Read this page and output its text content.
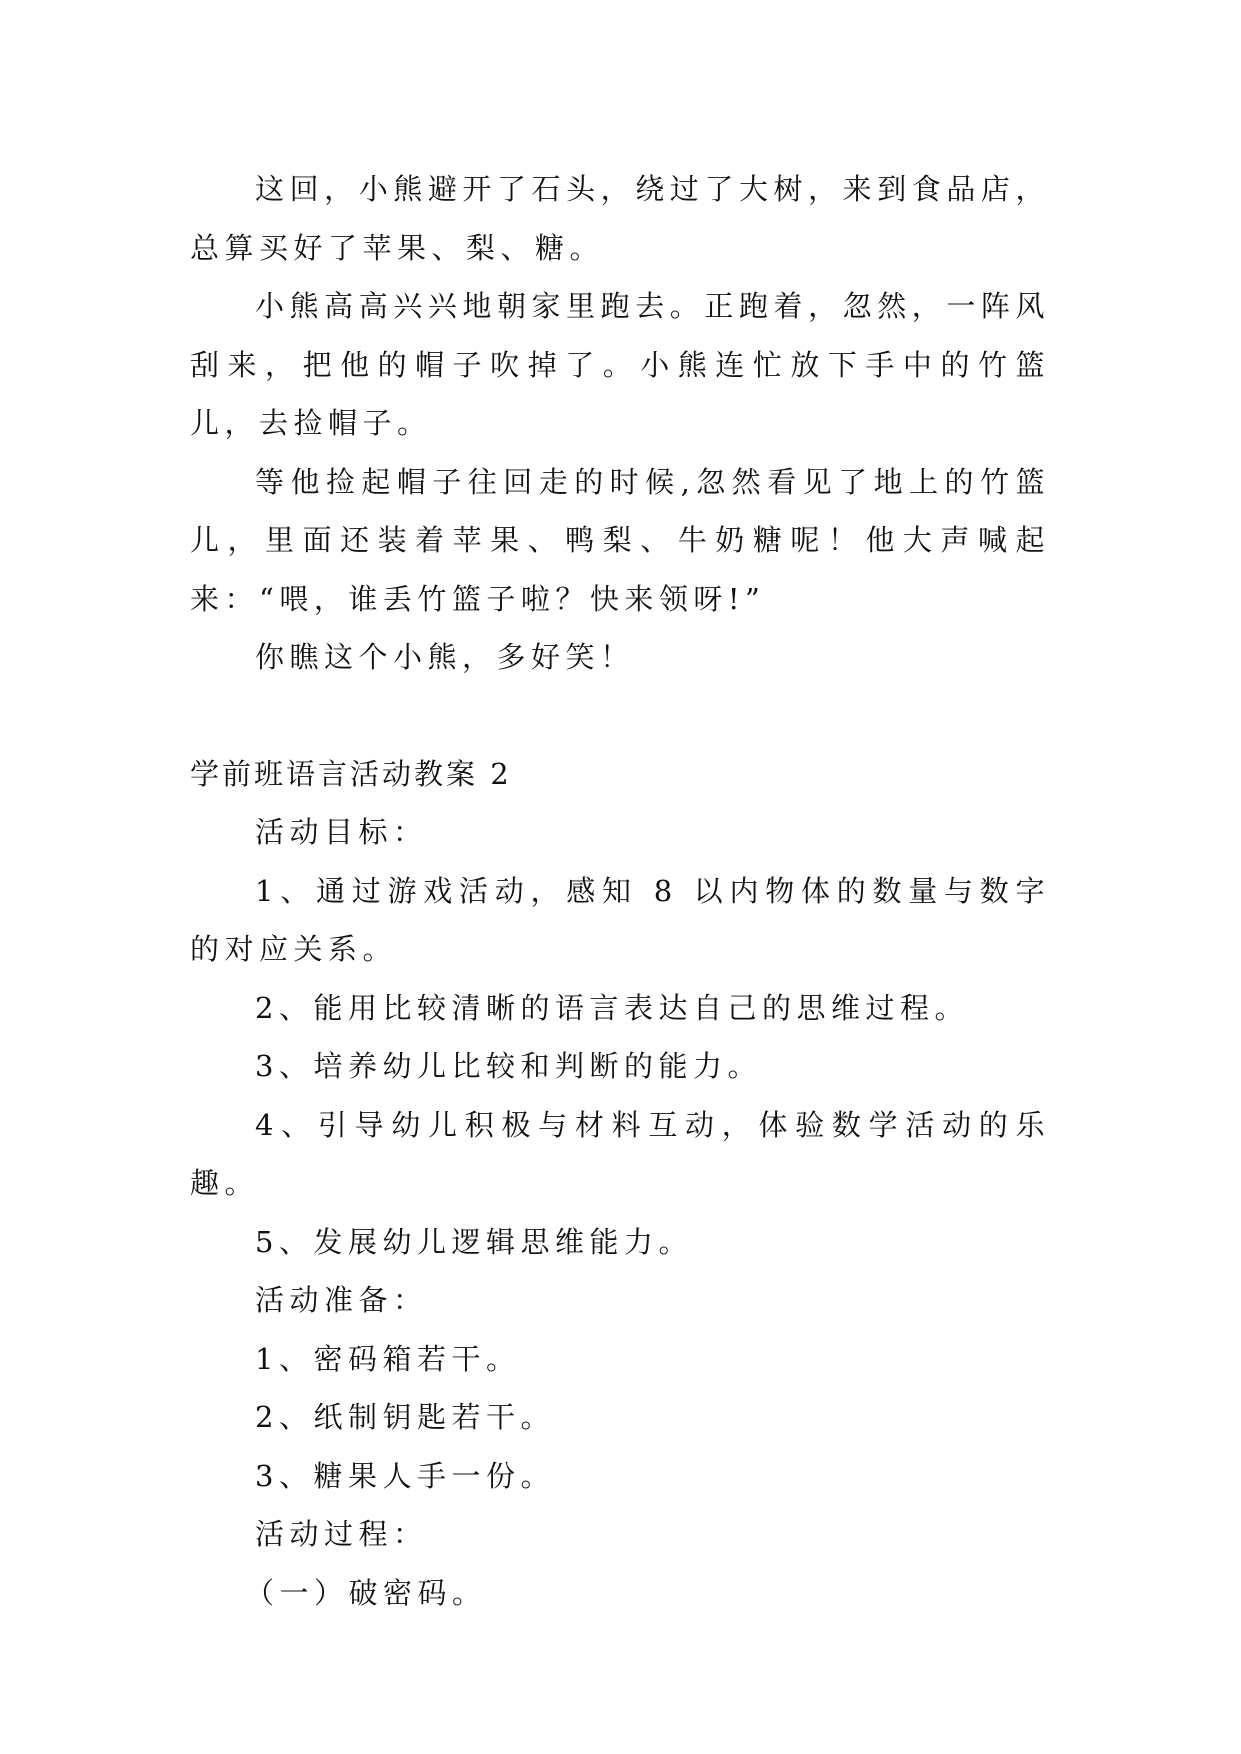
这回，小熊避开了石头，绕过了大树，来到食品店，总算买好了苹果、梨、糖。

小熊高高兴兴地朝家里跑去。正跑着，忽然，一阵风刮来，把他的帽子吹掉了。小熊连忙放下手中的竹篮儿，去捡帽子。

等他捡起帽子往回走的时候,忽然看见了地上的竹篮儿，里面还装着苹果、鸭梨、牛奶糖呢！他大声喊起来：“喂，谁丢竹篮子啦？快来领呀!”

你瞧这个小熊，多好笑！

学前班语言活动教案 2

活动目标：

1、通过游戏活动，感知 8 以内物体的数量与数字的对应关系。

2、能用比较清晰的语言表达自己的思维过程。

3、培养幼儿比较和判断的能力。

4、引导幼儿积极与材料互动，体验数学活动的乐趣。

5、发展幼儿逻辑思维能力。

活动准备：

1、密码箱若干。

2、纸制钥匙若干。

3、糖果人手一份。

活动过程：

（一）破密码。
